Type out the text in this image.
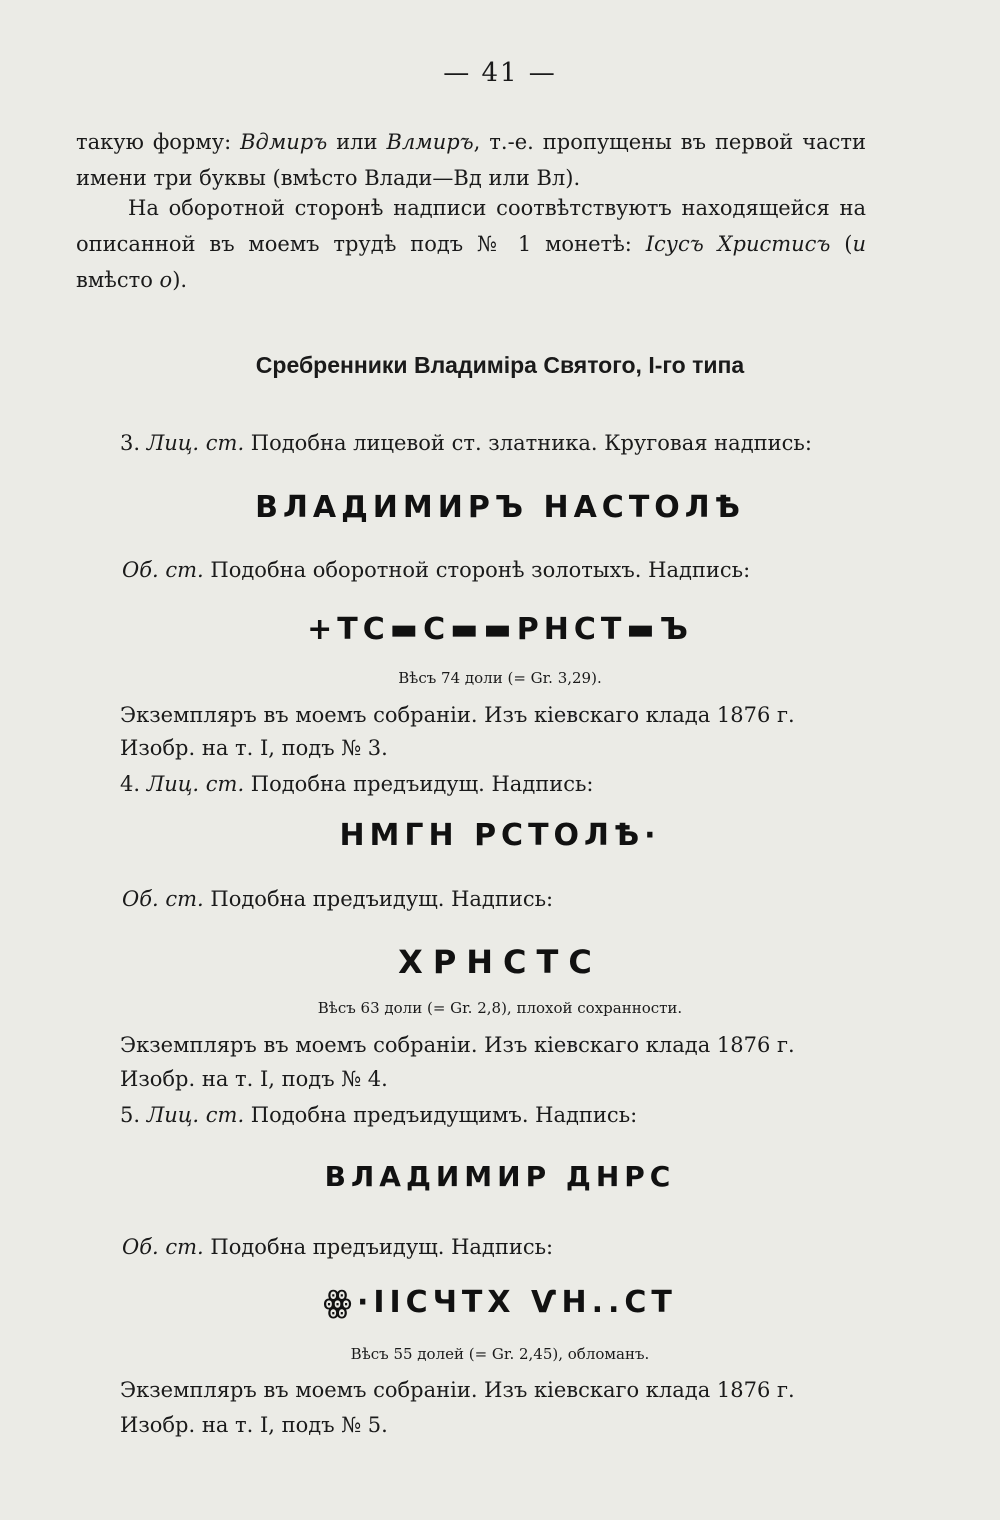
— 41 —

такую форму: Вдмиръ или Влмиръ, т.-е. пропущены въ первой части имени три буквы (вмѣсто Влади—Вд или Вл).

На оборотной сторонѣ надписи соотвѣтствуютъ находящейся на описанной въ моемъ трудѣ подъ № 1 монетѣ: Ісусъ Христисъ (и вмѣсто о).

Сребренники Владиміра Святого, I-го типа
3. Лиц. ст. Подобна лицевой ст. златника. Круговая надпись:
ВЛАДИМИРЪ НАСТОЛѢ
Об. ст. Подобна оборотной сторонѣ золотыхъ. Надпись:
+ТС▬С▬▬РНСТ▬Ъ
Вѣсъ 74 доли (= Gr. 3,29).
Экземпляръ въ моемъ собраніи. Изъ кіевскаго клада 1876 г.
Изобр. на т. I, подъ № 3.
4. Лиц. ст. Подобна предъидущ. Надпись:
НМГН РСТОЛѢ·
Об. ст. Подобна предъидущ. Надпись:
ХРНСТС
Вѣсъ 63 доли (= Gr. 2,8), плохой сохранности.
Экземпляръ въ моемъ собраніи. Изъ кіевскаго клада 1876 г.
Изобр. на т. I, подъ № 4.
5. Лиц. ст. Подобна предъидущимъ. Надпись:
ВЛАДИМИР ДНРС
Об. ст. Подобна предъидущ. Надпись:
ꙮ·ІІСЧТХ ѴН..СТ
Вѣсъ 55 долей (= Gr. 2,45), обломанъ.
Экземпляръ въ моемъ собраніи. Изъ кіевскаго клада 1876 г.
Изобр. на т. I, подъ № 5.
